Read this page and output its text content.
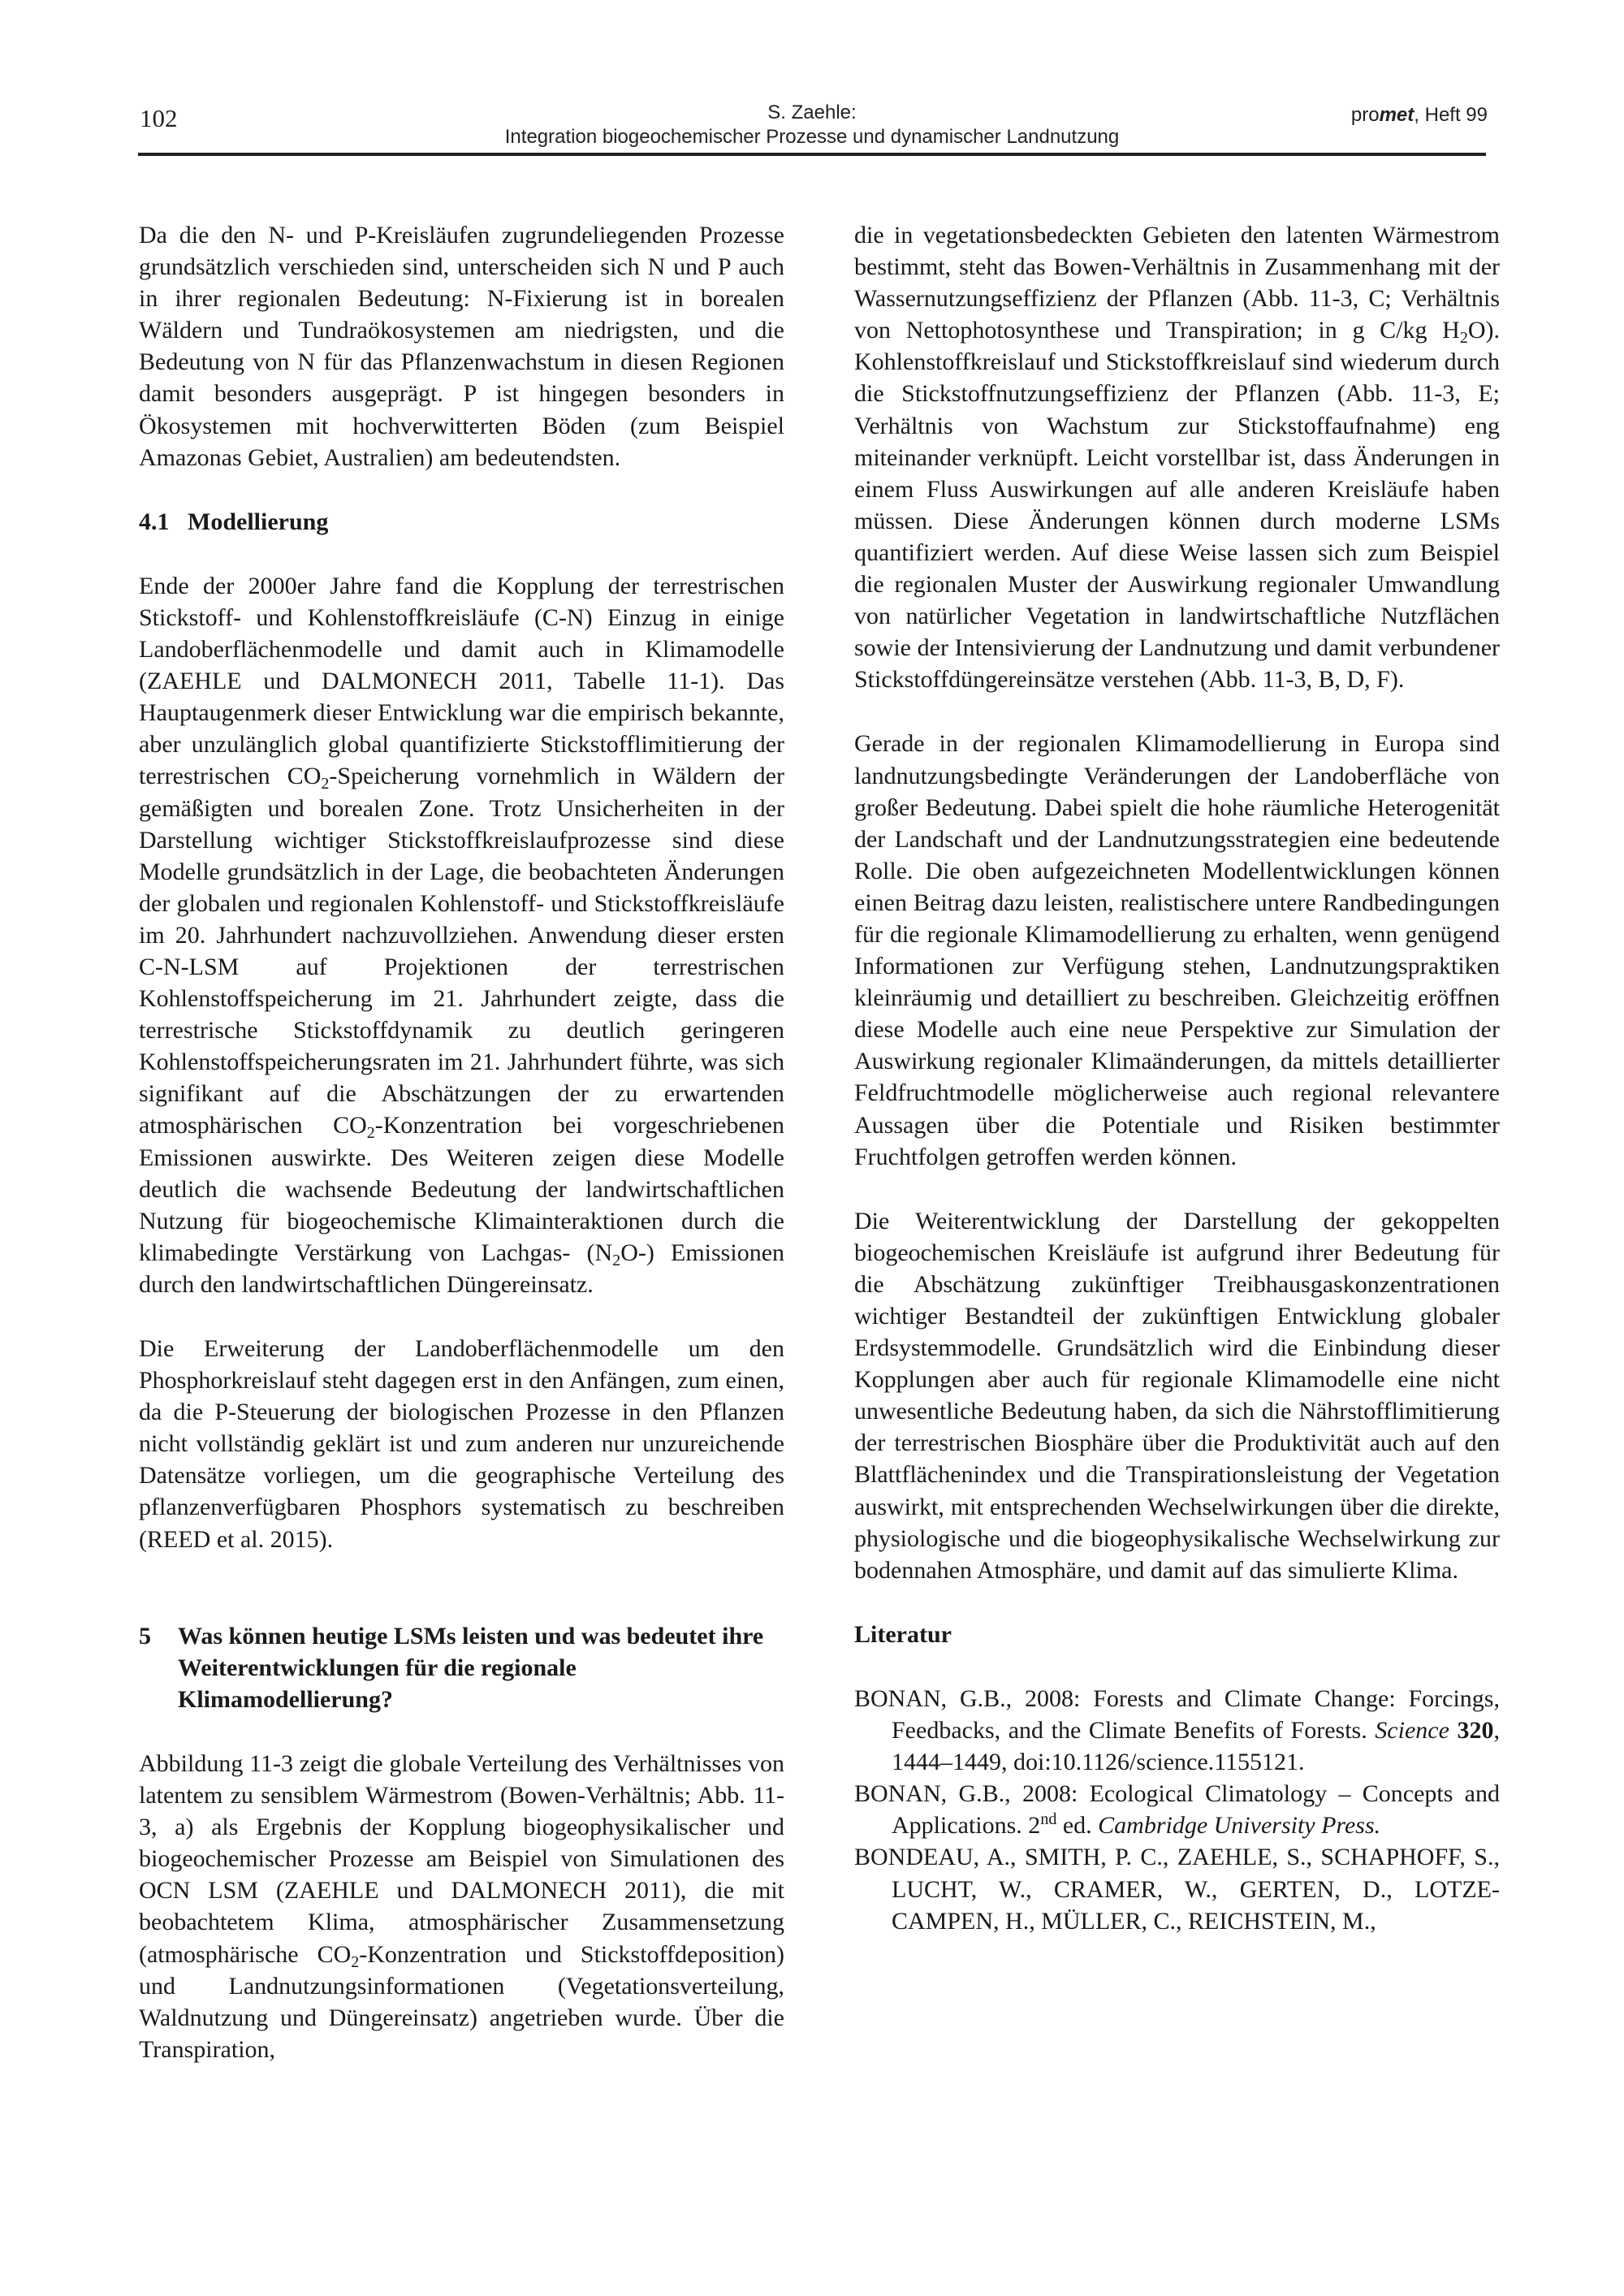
102	S. Zaehle:
Integration biogeochemischer Prozesse und dynamischer Landnutzung
promet, Heft 99

Da die den N- und P-Kreisläufen zugrundeliegenden Prozesse grundsätzlich verschieden sind, unterscheiden sich N und P auch in ihrer regionalen Bedeutung: N-Fixierung ist in borealen Wäldern und Tundraökosystemen am niedrigsten, und die Bedeutung von N für das Pflanzenwachstum in diesen Regionen damit besonders ausgeprägt. P ist hingegen besonders in Ökosystemen mit hochverwitterten Böden (zum Beispiel Amazonas Gebiet, Australien) am bedeutendsten.

4.1 Modellierung

Ende der 2000er Jahre fand die Kopplung der terrestrischen Stickstoff- und Kohlenstoffkreisläufe (C-N) Einzug in einige Landoberflächenmodelle und damit auch in Klimamodelle (ZAEHLE und DALMONECH 2011, Tabelle 11-1). Das Hauptaugenmerk dieser Entwicklung war die empirisch bekannte, aber unzulänglich global quantifizierte Stickstofflimitierung der terrestrischen $CO_2$-Speicherung vornehmlich in Wäldern der gemäßigten und borealen Zone. Trotz Unsicherheiten in der Darstellung wichtiger Stickstoffkreislaufprozesse sind diese Modelle grundsätzlich in der Lage, die beobachteten Änderungen der globalen und regionalen Kohlenstoff- und Stickstoffkreisläufe im 20. Jahrhundert nachzuvollziehen. Anwendung dieser ersten C-N-LSM auf Projektionen der terrestrischen Kohlenstoffspeicherung im 21. Jahrhundert zeigte, dass die terrestrische Stickstoffdynamik zu deutlich geringeren Kohlenstoffspeicherungsraten im 21. Jahrhundert führte, was sich signifikant auf die Abschätzungen der zu erwartenden atmosphärischen $CO_2$-Konzentration bei vorgeschriebenen Emissionen auswirkte. Des Weiteren zeigen diese Modelle deutlich die wachsende Bedeutung der landwirtschaftlichen Nutzung für biogeochemische Klimainteraktionen durch die klimabedingte Verstärkung von Lachgas- $(N_2O-)$ Emissionen durch den landwirtschaftlichen Düngereinsatz.

Die Erweiterung der Landoberflächenmodelle um den Phosphorkreislauf steht dagegen erst in den Anfängen, zum einen, da die P-Steuerung der biologischen Prozesse in den Pflanzen nicht vollständig geklärt ist und zum anderen nur unzureichende Datensätze vorliegen, um die geographische Verteilung des pflanzenverfügbaren Phosphors systematisch zu beschreiben (REED et al. 2015).

5	Was können heutige LSMs leisten und was bedeutet ihre Weiterentwicklungen für die regionale Klimamodellierung?

Abbildung 11-3 zeigt die globale Verteilung des Verhältnisses von latentem zu sensiblem Wärmestrom (Bowen-Verhältnis; Abb. 11-3, a) als Ergebnis der Kopplung biogeophysikalischer und biogeochemischer Prozesse am Beispiel von Simulationen des OCN LSM (ZAEHLE und DALMONECH 2011), die mit beobachtetem Klima, atmosphärischer Zusammensetzung (atmosphärische $CO_2$-Konzentration und Stickstoffdeposition) und Landnutzungsinformationen (Vegetationsverteilung, Waldnutzung und Düngereinsatz) angetrieben wurde. Über die Transpiration,

die in vegetationsbedeckten Gebieten den latenten Wärmestrom bestimmt, steht das Bowen-Verhältnis in Zusammenhang mit der Wassernutzungseffizienz der Pflanzen (Abb. 11-3, C; Verhältnis von Nettophotosynthese und Transpiration; in g C/kg $H_2O$). Kohlenstoffkreislauf und Stickstoffkreislauf sind wiederum durch die Stickstoffnutzungseffizienz der Pflanzen (Abb. 11-3, E; Verhältnis von Wachstum zur Stickstoffaufnahme) eng miteinander verknüpft. Leicht vorstellbar ist, dass Änderungen in einem Fluss Auswirkungen auf alle anderen Kreisläufe haben müssen. Diese Änderungen können durch moderne LSMs quantifiziert werden. Auf diese Weise lassen sich zum Beispiel die regionalen Muster der Auswirkung regionaler Umwandlung von natürlicher Vegetation in landwirtschaftliche Nutzflächen sowie der Intensivierung der Landnutzung und damit verbundener Stickstoffdüngereinsätze verstehen (Abb. 11-3, B, D, F).

Gerade in der regionalen Klimamodellierung in Europa sind landnutzungsbedingte Veränderungen der Landoberfläche von großer Bedeutung. Dabei spielt die hohe räumliche Heterogenität der Landschaft und der Landnutzungsstrategien eine bedeutende Rolle. Die oben aufgezeichneten Modellentwicklungen können einen Beitrag dazu leisten, realistischere untere Randbedingungen für die regionale Klimamodellierung zu erhalten, wenn genügend Informationen zur Verfügung stehen, Landnutzungspraktiken kleinräumig und detailliert zu beschreiben. Gleichzeitig eröffnen diese Modelle auch eine neue Perspektive zur Simulation der Auswirkung regionaler Klimaänderungen, da mittels detaillierter Feldfruchtmodelle möglicherweise auch regional relevantere Aussagen über die Potentiale und Risiken bestimmter Fruchtfolgen getroffen werden können.

Die Weiterentwicklung der Darstellung der gekoppelten biogeochemischen Kreisläufe ist aufgrund ihrer Bedeutung für die Abschätzung zukünftiger Treibhausgaskonzentrationen wichtiger Bestandteil der zukünftigen Entwicklung globaler Erdsystemmodelle. Grundsätzlich wird die Einbindung dieser Kopplungen aber auch für regionale Klimamodelle eine nicht unwesentliche Bedeutung haben, da sich die Nährstofflimitierung der terrestrischen Biosphäre über die Produktivität auch auf den Blattflächenindex und die Transpirationsleistung der Vegetation auswirkt, mit entsprechenden Wechselwirkungen über die direkte, physiologische und die biogeophysikalische Wechselwirkung zur bodennahen Atmosphäre, und damit auf das simulierte Klima.

Literatur

BONAN, G.B., 2008: Forests and Climate Change: Forcings, Feedbacks, and the Climate Benefits of Forests. Science 320, 1444–1449, doi:10.1126/science.1155121.

BONAN, G.B., 2008: Ecological Climatology – Concepts and Applications. 2nd ed. Cambridge University Press.

BONDEAU, A., SMITH, P. C., ZAEHLE, S., SCHAPHOFF, S., LUCHT, W., CRAMER, W., GERTEN, D., LOTZE-CAMPEN, H., MÜLLER, C., REICHSTEIN, M.,
